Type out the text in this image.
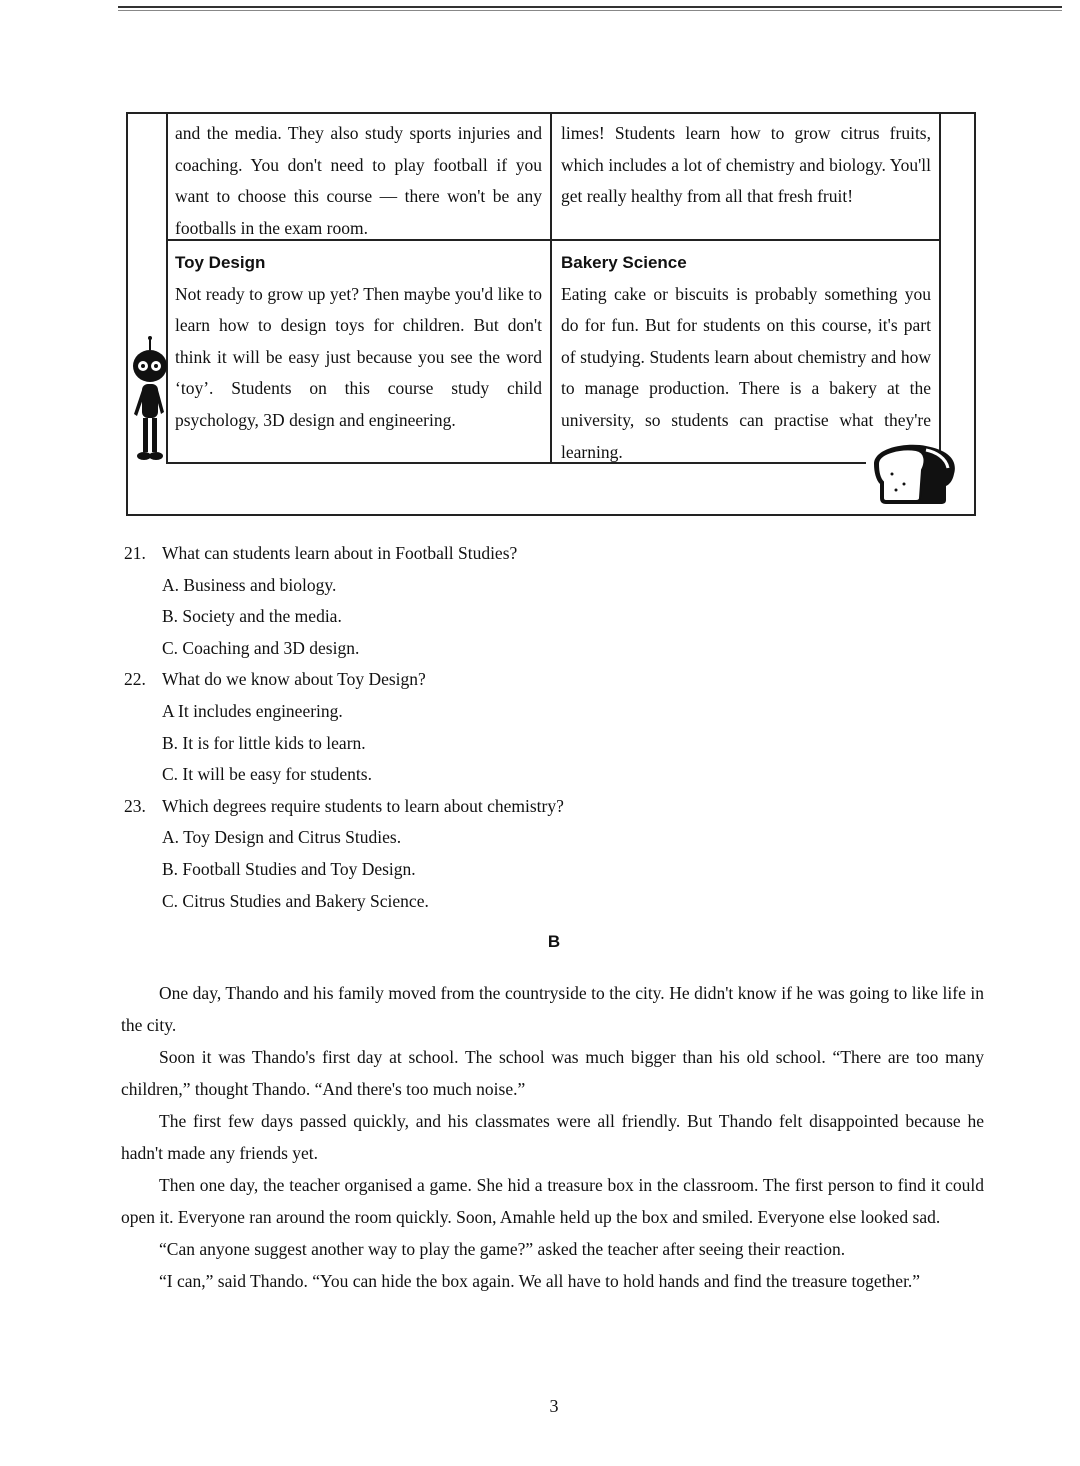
and the media. They also study sports injuries and coaching. You don't need to play football if you want to choose this course — there won't be any footballs in the exam room.
limes! Students learn how to grow citrus fruits, which includes a lot of chemistry and biology. You'll get really healthy from all that fresh fruit!
Toy Design
Not ready to grow up yet? Then maybe you'd like to learn how to design toys for children. But don't think it will be easy just because you see the word ‘toy’. Students on this course study child psychology, 3D design and engineering.
Bakery Science
Eating cake or biscuits is probably something you do for fun. But for students on this course, it's part of studying. Students learn about chemistry and how to manage production. There is a bakery at the university, so students can practise what they're learning.
21. What can students learn about in Football Studies?
A. Business and biology.
B. Society and the media.
C. Coaching and 3D design.
22. What do we know about Toy Design?
A It includes engineering.
B. It is for little kids to learn.
C. It will be easy for students.
23. Which degrees require students to learn about chemistry?
A. Toy Design and Citrus Studies.
B. Football Studies and Toy Design.
C. Citrus Studies and Bakery Science.
B

One day, Thando and his family moved from the countryside to the city. He didn't know if he was going to like life in the city.

Soon it was Thando's first day at school. The school was much bigger than his old school. “There are too many children,” thought Thando. “And there's too much noise.”

The first few days passed quickly, and his classmates were all friendly. But Thando felt disappointed because he hadn't made any friends yet.

Then one day, the teacher organised a game. She hid a treasure box in the classroom. The first person to find it could open it. Everyone ran around the room quickly. Soon, Amahle held up the box and smiled. Everyone else looked sad.

“Can anyone suggest another way to play the game?” asked the teacher after seeing their reaction.

“I can,” said Thando. “You can hide the box again. We all have to hold hands and find the treasure together.”

3
